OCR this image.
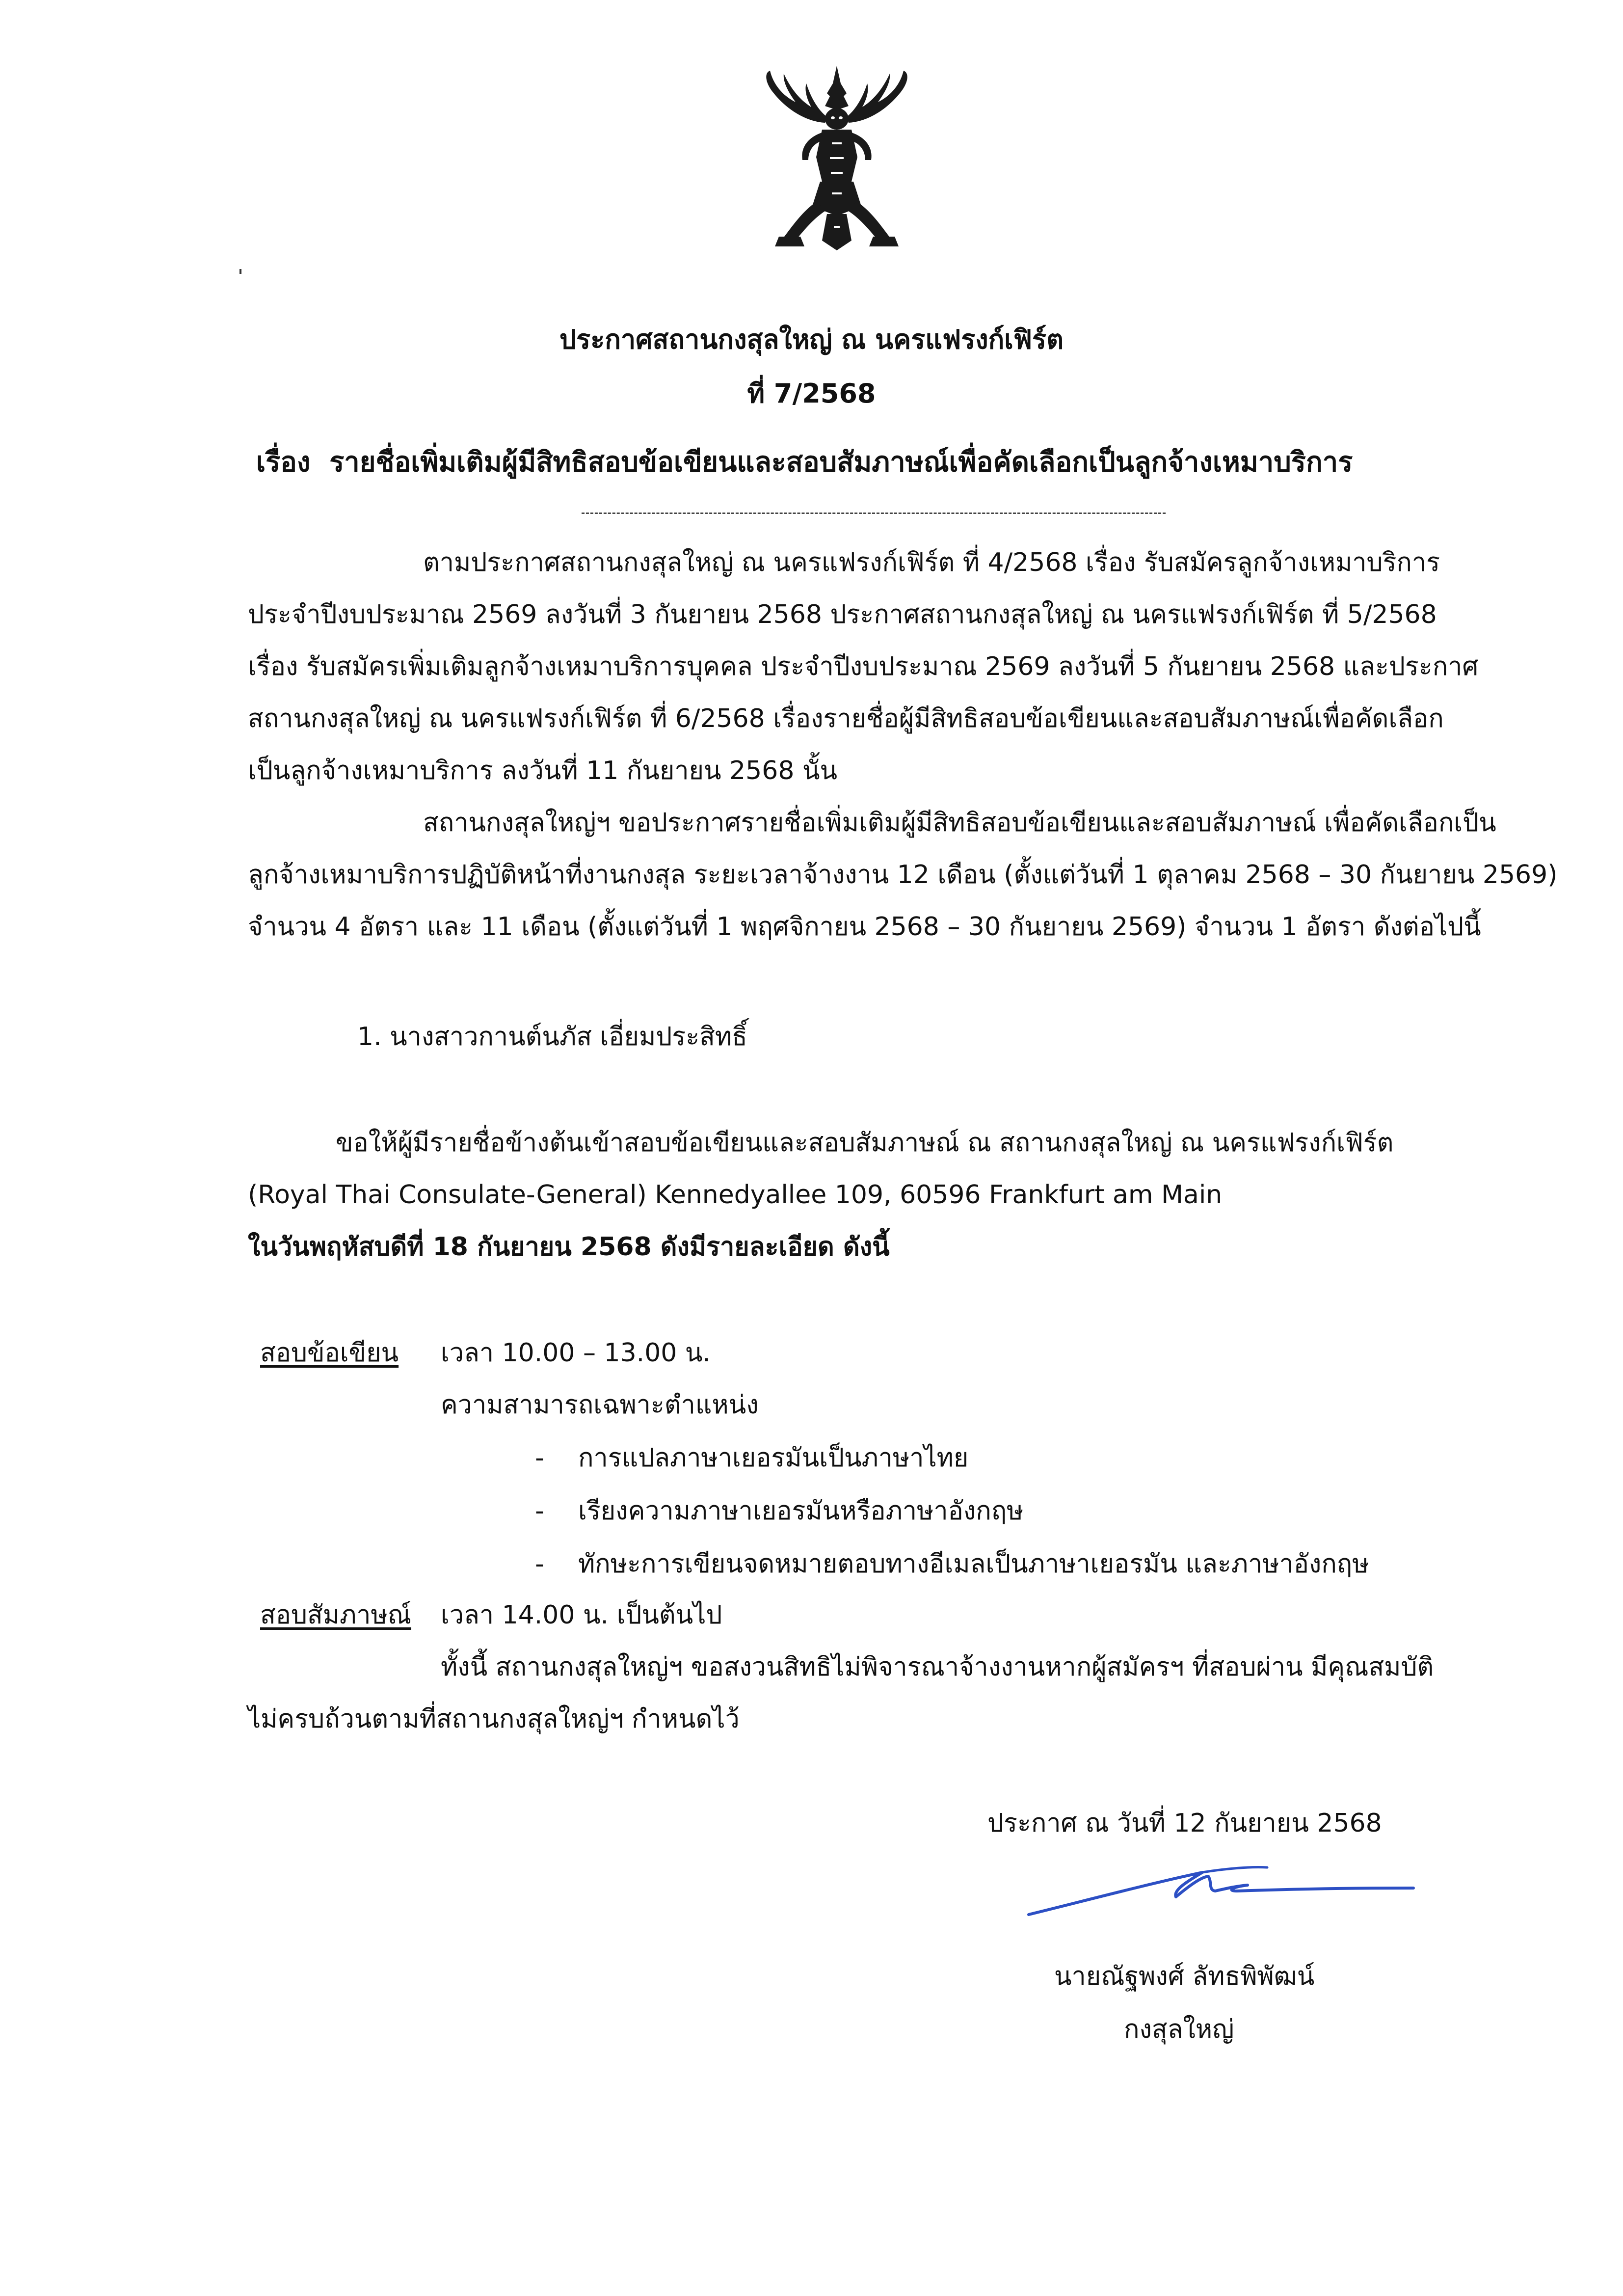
ประกาศสถานกงสุลใหญ่ ณ นครแฟรงก์เฟิร์ต
ที่ 7/2568
เรื่อง รายชื่อเพิ่มเติมผู้มีสิทธิสอบข้อเขียนและสอบสัมภาษณ์เพื่อคัดเลือกเป็นลูกจ้างเหมาบริการ
ตามประกาศสถานกงสุลใหญ่ ณ นครแฟรงก์เฟิร์ต ที่ 4/2568 เรื่อง รับสมัครลูกจ้างเหมาบริการ
ประจำปีงบประมาณ 2569 ลงวันที่ 3 กันยายน 2568 ประกาศสถานกงสุลใหญ่ ณ นครแฟรงก์เฟิร์ต ที่ 5/2568
เรื่อง รับสมัครเพิ่มเติมลูกจ้างเหมาบริการบุคคล ประจำปีงบประมาณ 2569 ลงวันที่ 5 กันยายน 2568 และประกาศ
สถานกงสุลใหญ่ ณ นครแฟรงก์เฟิร์ต ที่ 6/2568 เรื่องรายชื่อผู้มีสิทธิสอบข้อเขียนและสอบสัมภาษณ์เพื่อคัดเลือก
เป็นลูกจ้างเหมาบริการ ลงวันที่ 11 กันยายน 2568 นั้น
สถานกงสุลใหญ่ฯ ขอประกาศรายชื่อเพิ่มเติมผู้มีสิทธิสอบข้อเขียนและสอบสัมภาษณ์ เพื่อคัดเลือกเป็น
ลูกจ้างเหมาบริการปฏิบัติหน้าที่งานกงสุล ระยะเวลาจ้างงาน 12 เดือน (ตั้งแต่วันที่ 1 ตุลาคม 2568 – 30 กันยายน 2569)
จำนวน 4 อัตรา และ 11 เดือน (ตั้งแต่วันที่ 1 พฤศจิกายน 2568 – 30 กันยายน 2569) จำนวน 1 อัตรา ดังต่อไปนี้
1. นางสาวกานต์นภัส เอี่ยมประสิทธิ์
ขอให้ผู้มีรายชื่อข้างต้นเข้าสอบข้อเขียนและสอบสัมภาษณ์ ณ สถานกงสุลใหญ่ ณ นครแฟรงก์เฟิร์ต
(Royal Thai Consulate-General) Kennedyallee 109, 60596 Frankfurt am Main
ในวันพฤหัสบดีที่ 18 กันยายน 2568 ดังมีรายละเอียด ดังนี้
สอบข้อเขียน เวลา 10.00 – 13.00 น.
ความสามารถเฉพาะตำแหน่ง
- การแปลภาษาเยอรมันเป็นภาษาไทย
- เรียงความภาษาเยอรมันหรือภาษาอังกฤษ
- ทักษะการเขียนจดหมายตอบทางอีเมลเป็นภาษาเยอรมัน และภาษาอังกฤษ
สอบสัมภาษณ์ เวลา 14.00 น. เป็นต้นไป
ทั้งนี้ สถานกงสุลใหญ่ฯ ขอสงวนสิทธิไม่พิจารณาจ้างงานหากผู้สมัครฯ ที่สอบผ่าน มีคุณสมบัติ
ไม่ครบถ้วนตามที่สถานกงสุลใหญ่ฯ กำหนดไว้
ประกาศ ณ วันที่ 12 กันยายน 2568
นายณัฐพงศ์ ลัทธพิพัฒน์
กงสุลใหญ่
